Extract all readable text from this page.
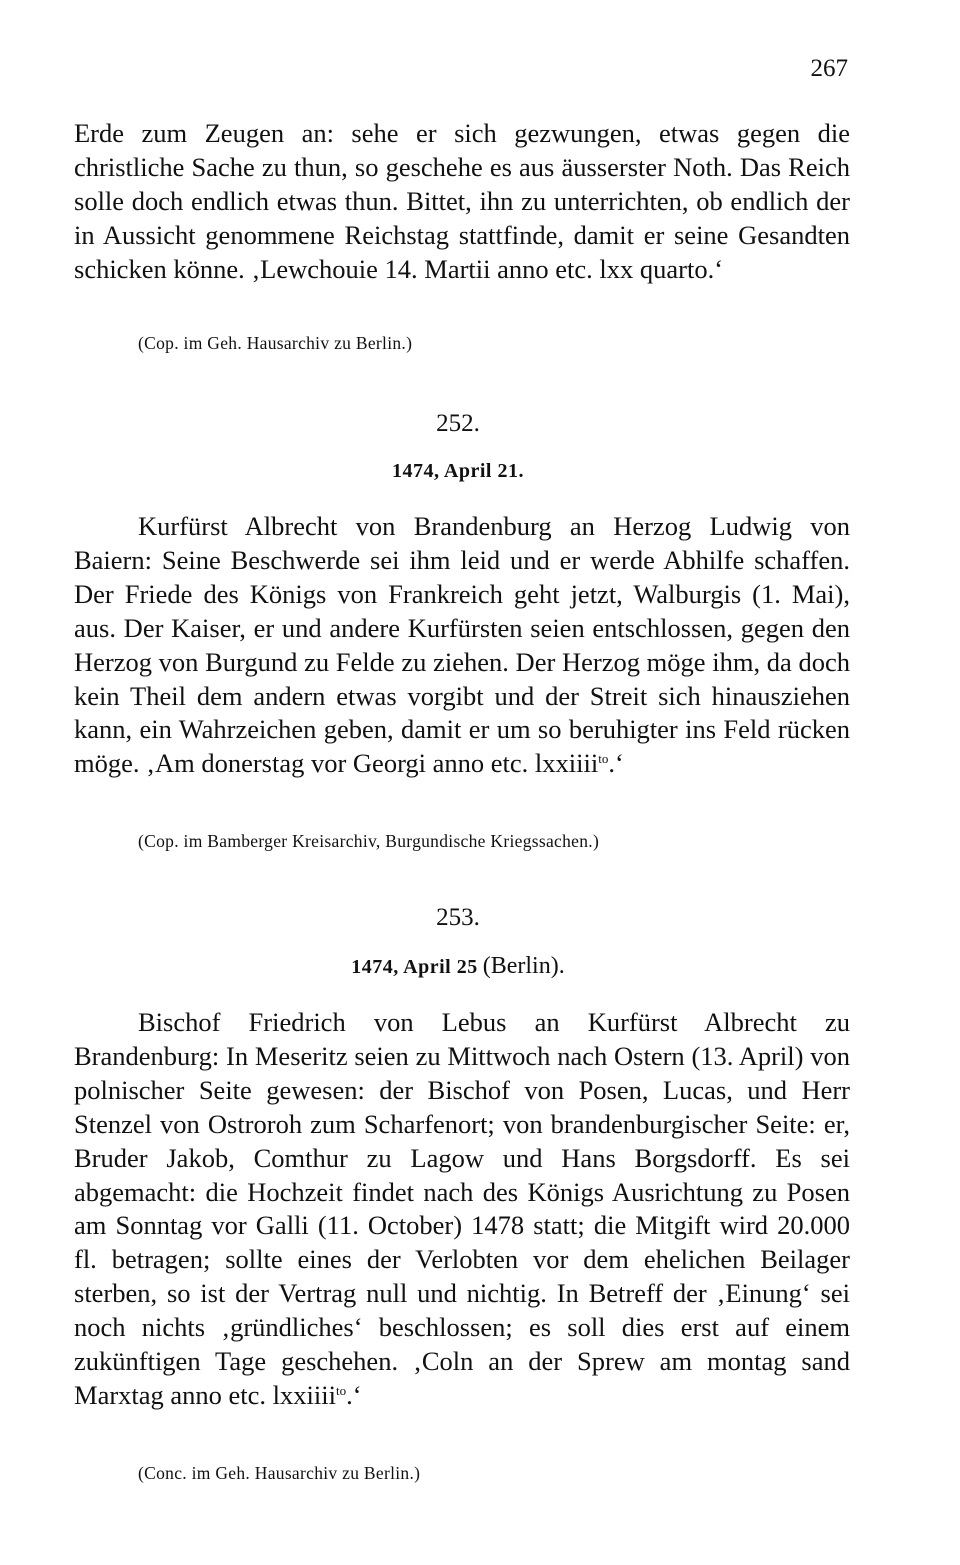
267

Erde zum Zeugen an: sehe er sich gezwungen, etwas gegen die christliche Sache zu thun, so geschehe es aus äusserster Noth. Das Reich solle doch endlich etwas thun. Bittet, ihn zu unterrichten, ob endlich der in Aussicht genommene Reichstag stattfinde, damit er seine Gesandten schicken könne. ‚Lewchouie 14. Martii anno etc. lxx quarto.‘

(Cop. im Geh. Hausarchiv zu Berlin.)

252.
1474, April 21.

Kurfürst Albrecht von Brandenburg an Herzog Ludwig von Baiern: Seine Beschwerde sei ihm leid und er werde Abhilfe schaffen. Der Friede des Königs von Frankreich geht jetzt, Walburgis (1. Mai), aus. Der Kaiser, er und andere Kurfürsten seien entschlossen, gegen den Herzog von Burgund zu Felde zu ziehen. Der Herzog möge ihm, da doch kein Theil dem andern etwas vorgibt und der Streit sich hinausziehen kann, ein Wahrzeichen geben, damit er um so beruhigter ins Feld rücken möge. ‚Am donerstag vor Georgi anno etc. lxxiiii$^{to}$.‘

(Cop. im Bamberger Kreisarchiv, Burgundische Kriegssachen.)

253.
1474, April 25 (Berlin).

Bischof Friedrich von Lebus an Kurfürst Albrecht zu Brandenburg: In Meseritz seien zu Mittwoch nach Ostern (13. April) von polnischer Seite gewesen: der Bischof von Posen, Lucas, und Herr Stenzel von Ostroroh zum Scharfenort; von brandenburgischer Seite: er, Bruder Jakob, Comthur zu Lagow und Hans Borgsdorff. Es sei abgemacht: die Hochzeit findet nach des Königs Ausrichtung zu Posen am Sonntag vor Galli (11. October) 1478 statt; die Mitgift wird 20.000 fl. betragen; sollte eines der Verlobten vor dem ehelichen Beilager sterben, so ist der Vertrag null und nichtig. In Betreff der ‚Einung‘ sei noch nichts ‚gründliches‘ beschlossen; es soll dies erst auf einem zukünftigen Tage geschehen. ‚Coln an der Sprew am montag sand Marxtag anno etc. lxxiiii$^{to}$.‘

(Conc. im Geh. Hausarchiv zu Berlin.)
